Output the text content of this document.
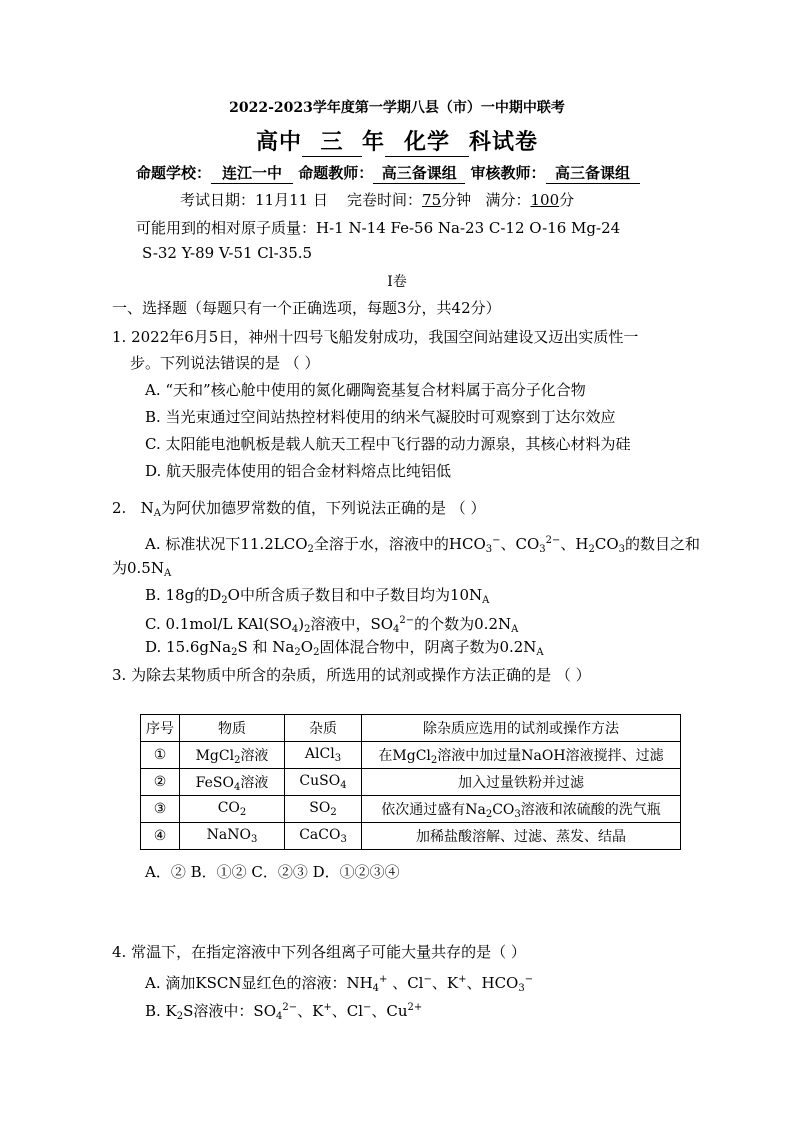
2022-2023学年度第一学期八县（市）一中期中联考
高中 三 年 化学 科试卷
命题学校： 连江一中 命题教师： 高三备课组 审核教师： 高三备课组
考试日期：11月11 日 完卷时间：75分钟 满分：100分
可能用到的相对原子质量：H-1 N-14 Fe-56 Na-23 C-12 O-16 Mg-24
S-32 Y-89 V-51 Cl-35.5
I卷
一、选择题（每题只有一个正确选项，每题3分，共42分）
1. 2022年6月5日，神州十四号飞船发射成功，我国空间站建设又迈出实质性一
步。下列说法错误的是 （ ）
A. “天和”核心舱中使用的氮化硼陶瓷基复合材料属于高分子化合物
B. 当光束通过空间站热控材料使用的纳米气凝胶时可观察到丁达尔效应
C. 太阳能电池帆板是载人航天工程中飞行器的动力源泉，其核心材料为硅
D. 航天服壳体使用的铝合金材料熔点比纯铝低
2. $N_A$为阿伏加德罗常数的值，下列说法正确的是 （ ）
A. 标准状况下$11.2LCO_2$全溶于水，溶液中的$HCO_3^-$、$CO_3^{2-}$、$H_2CO_3$的数目之和
为$0.5N_A$
B. 18g的$D_2O$中所含质子数目和中子数目均为$10N_A$
C. 0.1mol/L $KAl(SO_4)_2$溶液中，$SO_4^{2-}$的个数为$0.2N_A$
D. 15.6gNa$_2$S 和 $Na_2O_2$固体混合物中，阴离子数为$0.2N_A$
3. 为除去某物质中所含的杂质，所选用的试剂或操作方法正确的是 （ ）
序号	物质	杂质	除杂质应选用的试剂或操作方法
①	MgCl$_2$溶液	AlCl$_3$	在MgCl$_2$溶液中加过量NaOH溶液搅拌、过滤
②	FeSO$_4$溶液	CuSO$_4$	加入过量铁粉并过滤
③	$CO_2$	$SO_2$	依次通过盛有$Na_2CO_3$溶液和浓硫酸的洗气瓶
④	NaNO$_3$	CaCO$_3$	加稀盐酸溶解、过滤、蒸发、结晶
A．② B．①② C．②③ D．①②③④
4. 常温下，在指定溶液中下列各组离子可能大量共存的是（ ）
A. 滴加KSCN显红色的溶液：$NH_4^+$ 、Cl−、K+、$HCO_3^-$
B. $K_2S$溶液中：$SO_4^{2-}$、K+、Cl−、$Cu^{2+}$
